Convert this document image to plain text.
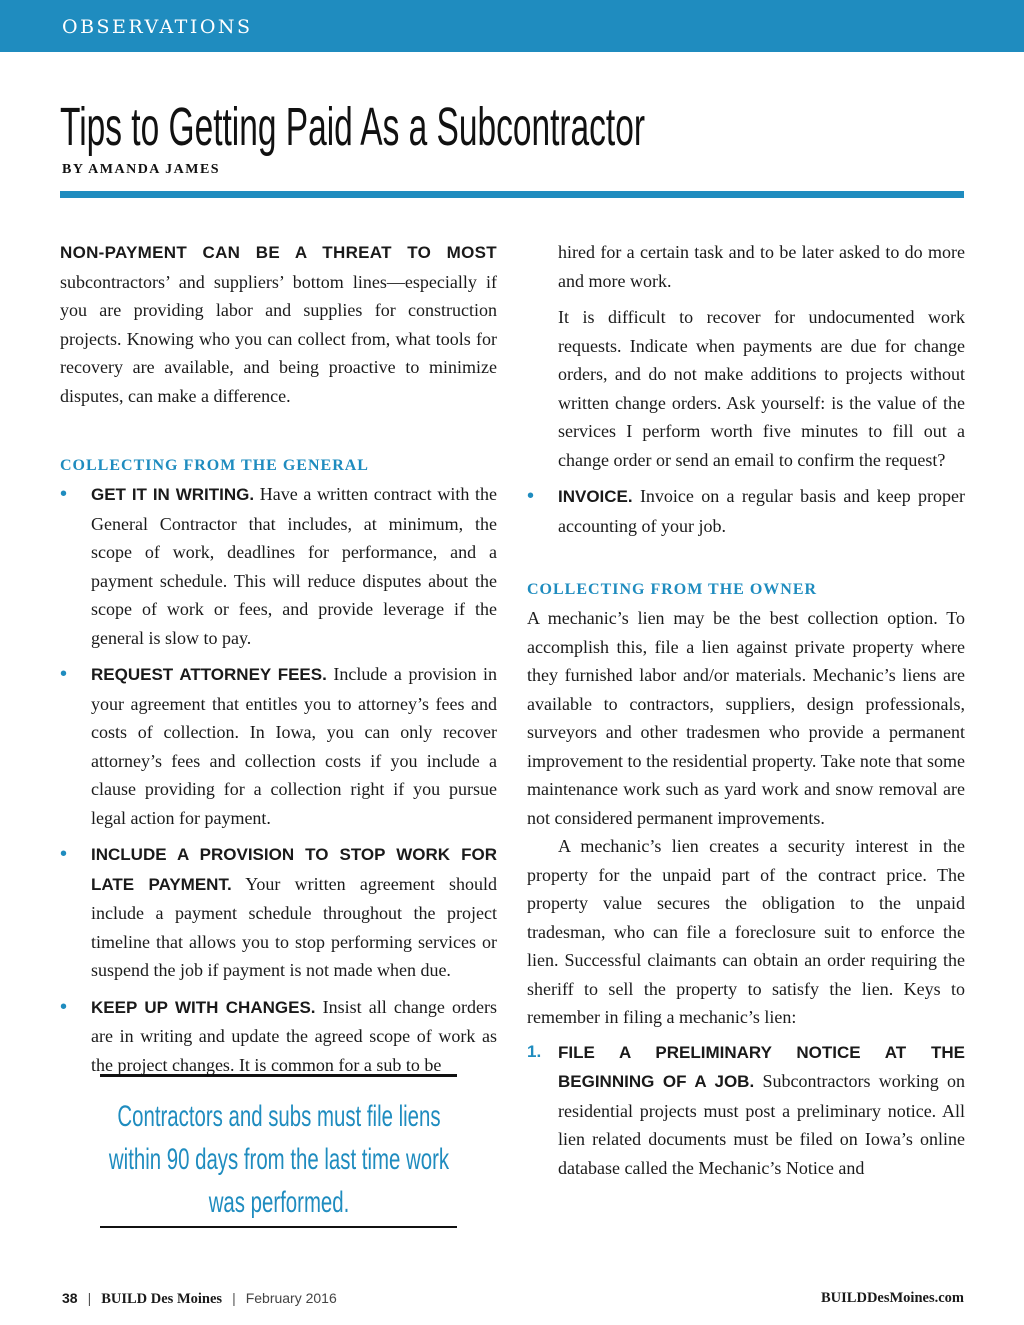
OBSERVATIONS
Tips to Getting Paid As a Subcontractor
BY AMANDA JAMES

NON-PAYMENT CAN BE A THREAT TO MOST subcontractors’ and suppliers’ bottom lines—especially if you are providing labor and supplies for construction projects. Knowing who you can collect from, what tools for recovery are available, and being proactive to minimize disputes, can make a difference.

COLLECTING FROM THE GENERAL

• GET IT IN WRITING. Have a written contract with the General Contractor that includes, at minimum, the scope of work, deadlines for performance, and a payment schedule. This will reduce disputes about the scope of work or fees, and provide leverage if the general is slow to pay.

• REQUEST ATTORNEY FEES. Include a provision in your agreement that entitles you to attorney’s fees and costs of collection. In Iowa, you can only recover attorney’s fees and collection costs if you include a clause providing for a collection right if you pursue legal action for payment.

• INCLUDE A PROVISION TO STOP WORK FOR LATE PAYMENT. Your written agreement should include a payment schedule throughout the project timeline that allows you to stop performing services or suspend the job if payment is not made when due.

• KEEP UP WITH CHANGES. Insist all change orders are in writing and update the agreed scope of work as the project changes. It is common for a sub to be

Contractors and subs must file liens within 90 days from the last time work was performed.

hired for a certain task and to be later asked to do more and more work.

It is difficult to recover for undocumented work requests. Indicate when payments are due for change orders, and do not make additions to projects without written change orders. Ask yourself: is the value of the services I perform worth five minutes to fill out a change order or send an email to confirm the request?

• INVOICE. Invoice on a regular basis and keep proper accounting of your job.

COLLECTING FROM THE OWNER

A mechanic’s lien may be the best collection option. To accomplish this, file a lien against private property where they furnished labor and/or materials. Mechanic’s liens are available to contractors, suppliers, design professionals, surveyors and other tradesmen who provide a permanent improvement to the residential property. Take note that some maintenance work such as yard work and snow removal are not considered permanent improvements.

A mechanic’s lien creates a security interest in the property for the unpaid part of the contract price. The property value secures the obligation to the unpaid tradesman, who can file a foreclosure suit to enforce the lien. Successful claimants can obtain an order requiring the sheriff to sell the property to satisfy the lien. Keys to remember in filing a mechanic’s lien:

1. FILE A PRELIMINARY NOTICE AT THE BEGINNING OF A JOB. Subcontractors working on residential projects must post a preliminary notice. All lien related documents must be filed on Iowa’s online database called the Mechanic’s Notice and

38 | BUILD Des Moines | February 2016	BUILDDesMoines.com
